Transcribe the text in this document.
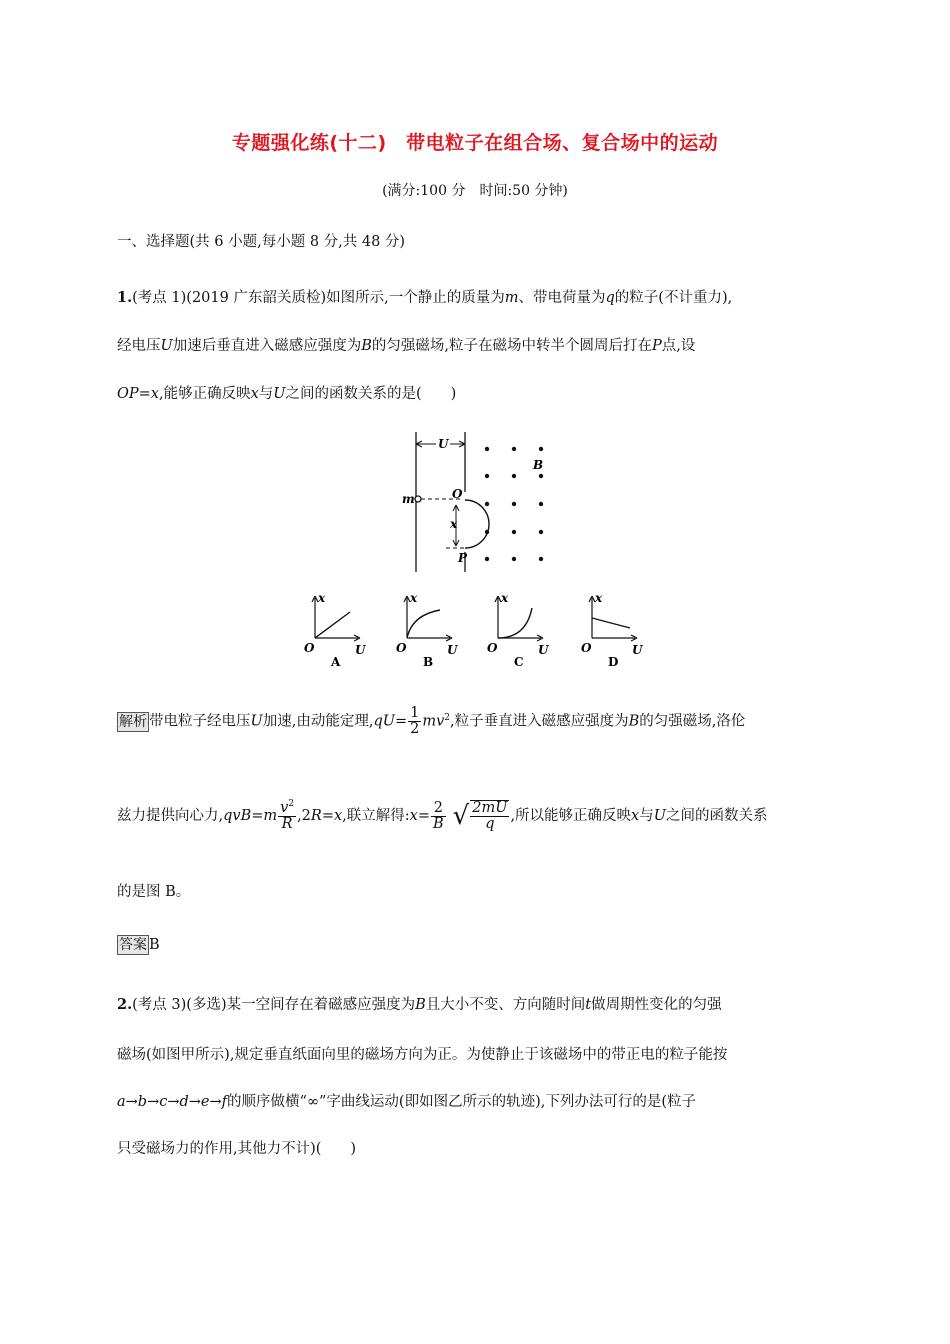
专题强化练(十二)　带电粒子在组合场、复合场中的运动
(满分:100 分　时间:50 分钟)
一、选择题(共 6 小题,每小题 8 分,共 48 分)
1.(考点 1)(2019 广东韶关质检)如图所示,一个静止的质量为m、带电荷量为q的粒子(不计重力),
经电压U加速后垂直进入磁感应强度为B的匀强磁场,粒子在磁场中转半个圆周后打在P点,设
OP=x,能够正确反映x与U之间的函数关系的是(　　)
U
B
m	O
x
P
x
O	U
x
O	U
x
O	U
x
O	U
A	B	C	D
解析 带电粒子经电压U加速,由动能定理$,qU= \frac{1}{2} mv^2$,粒子垂直进入磁感应强度为B的匀强磁场,洛伦
兹力提供向心力$,qvB=m \frac{v^2}{R} ,2R=x$,联立解得:x= $\frac{2}{B}$ √ $\frac{2mU}{q}$ ,所以能够正确反映x与U之间的函数关系
的是图 B。
答案 B
2.(考点 3)(多选)某一空间存在着磁感应强度为B且大小不变、方向随时间t做周期性变化的匀强
磁场(如图甲所示),规定垂直纸面向里的磁场方向为正。为使静止于该磁场中的带正电的粒子能按
a→b→c→d→e→f的顺序做横“∞”字曲线运动(即如图乙所示的轨迹),下列办法可行的是(粒子
只受磁场力的作用,其他力不计)(　　)
